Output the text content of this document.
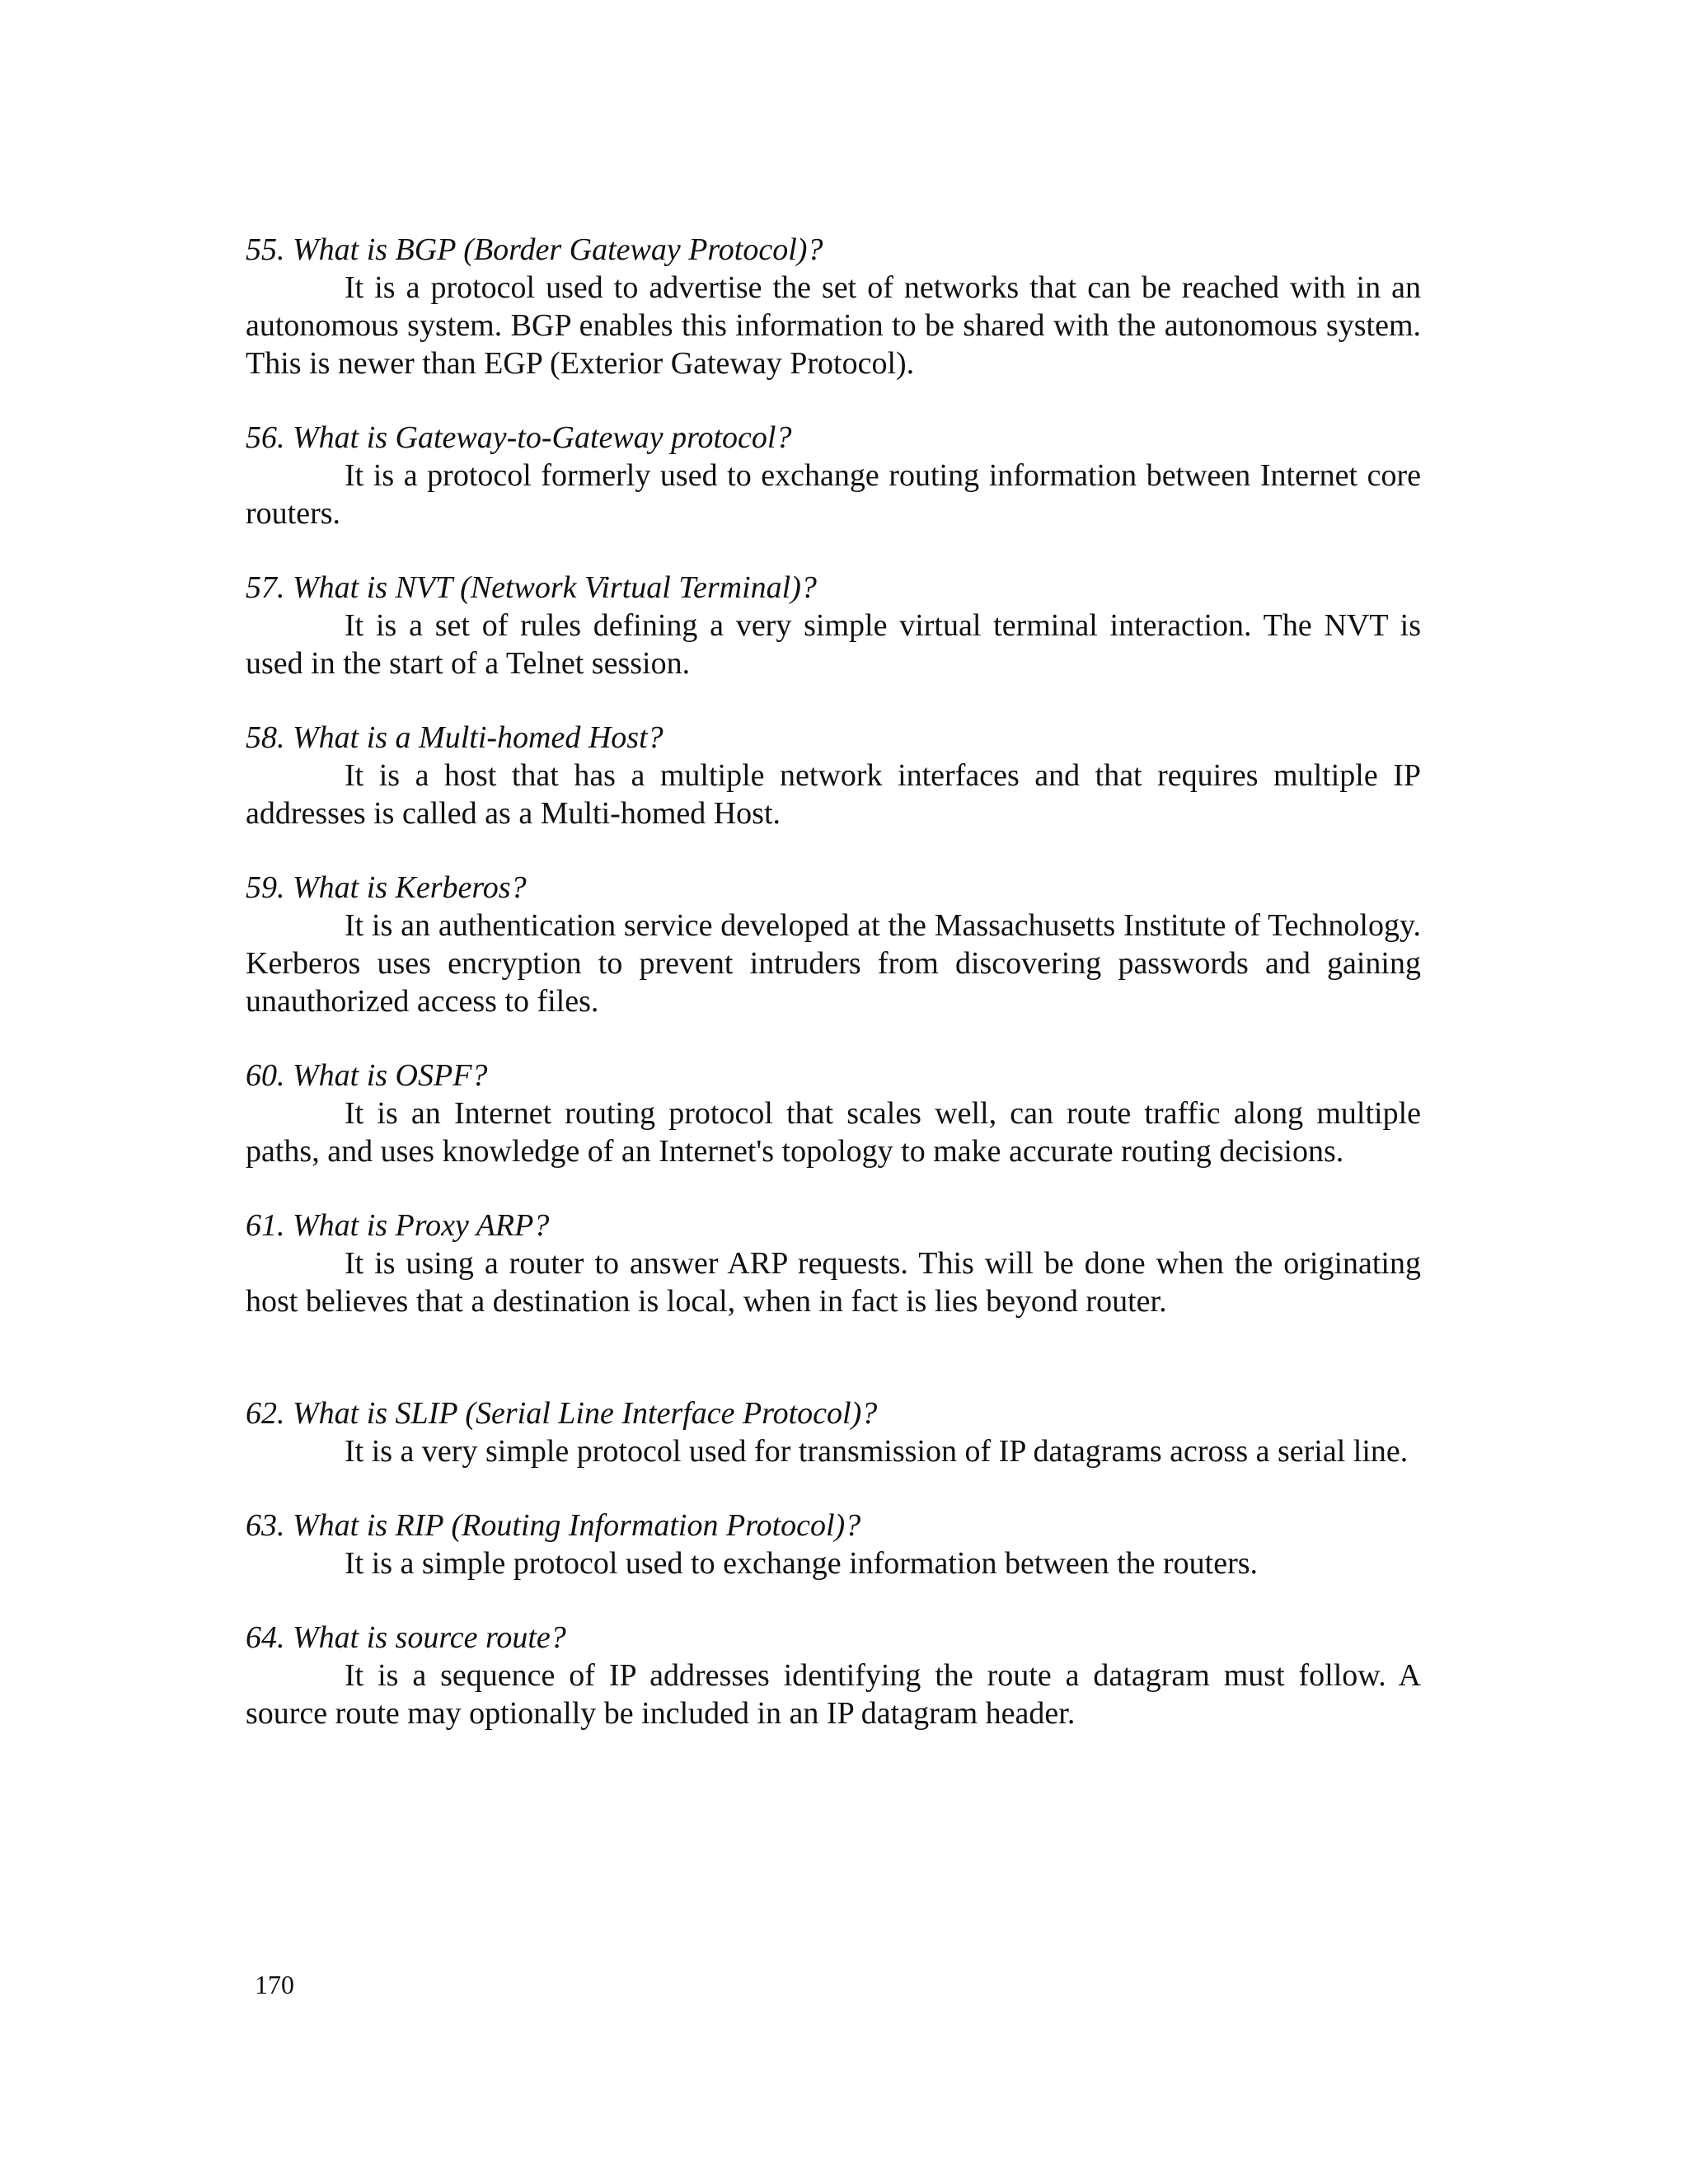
55. What is BGP (Border Gateway Protocol)?

It is a protocol used to advertise the set of networks that can be reached with in an autonomous system. BGP enables this information to be shared with the autonomous system. This is newer than EGP (Exterior Gateway Protocol).

56. What is Gateway-to-Gateway protocol?

It is a protocol formerly used to exchange routing information between Internet core routers.

57. What is NVT (Network Virtual Terminal)?

It is a set of rules defining a very simple virtual terminal interaction. The NVT is used in the start of a Telnet session.

58. What is a Multi-homed Host?

It is a host that has a multiple network interfaces and that requires multiple IP addresses is called as a Multi-homed Host.

59. What is Kerberos?

It is an authentication service developed at the Massachusetts Institute of Technology. Kerberos uses encryption to prevent intruders from discovering passwords and gaining unauthorized access to files.

60. What is OSPF?

It is an Internet routing protocol that scales well, can route traffic along multiple paths, and uses knowledge of an Internet's topology to make accurate routing decisions.

61. What is Proxy ARP?

It is using a router to answer ARP requests. This will be done when the originating host believes that a destination is local, when in fact is lies beyond router.

62. What is SLIP (Serial Line Interface Protocol)?

It is a very simple protocol used for transmission of IP datagrams across a serial line.

63. What is RIP (Routing Information Protocol)?

It is a simple protocol used to exchange information between the routers.

64. What is source route?

It is a sequence of IP addresses identifying the route a datagram must follow. A source route may optionally be included in an IP datagram header.

170
